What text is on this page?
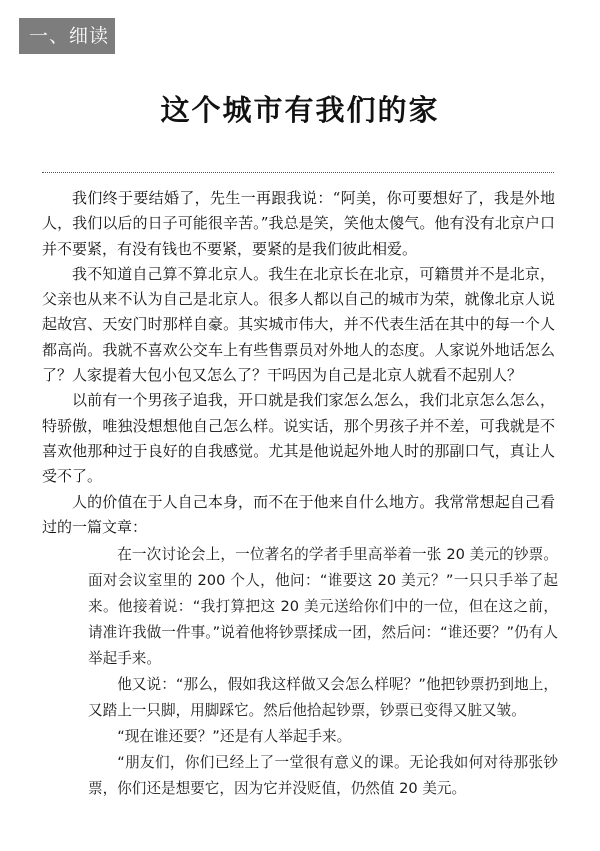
一、细读
这个城市有我们的家

我们终于要结婚了，先生一再跟我说：“阿美，你可要想好了，我是外地人，我们以后的日子可能很辛苦。”我总是笑，笑他太傻气。他有没有北京户口并不要紧，有没有钱也不要紧，要紧的是我们彼此相爱。

我不知道自己算不算北京人。我生在北京长在北京，可籍贯并不是北京，父亲也从来不认为自己是北京人。很多人都以自己的城市为荣，就像北京人说起故宫、天安门时那样自豪。其实城市伟大，并不代表生活在其中的每一个人都高尚。我就不喜欢公交车上有些售票员对外地人的态度。人家说外地话怎么了？人家提着大包小包又怎么了？干吗因为自己是北京人就看不起别人？

以前有一个男孩子追我，开口就是我们家怎么怎么，我们北京怎么怎么，特骄傲，唯独没想想他自己怎么样。说实话，那个男孩子并不差，可我就是不喜欢他那种过于良好的自我感觉。尤其是他说起外地人时的那副口气，真让人受不了。

人的价值在于人自己本身，而不在于他来自什么地方。我常常想起自己看过的一篇文章：

在一次讨论会上，一位著名的学者手里高举着一张 20 美元的钞票。面对会议室里的 200 个人，他问：“谁要这 20 美元？”一只只手举了起来。他接着说：“我打算把这 20 美元送给你们中的一位，但在这之前，请准许我做一件事。”说着他将钞票揉成一团，然后问：“谁还要？”仍有人举起手来。

他又说：“那么，假如我这样做又会怎么样呢？”他把钞票扔到地上，又踏上一只脚，用脚踩它。然后他拾起钞票，钞票已变得又脏又皱。

“现在谁还要？”还是有人举起手来。

“朋友们，你们已经上了一堂很有意义的课。无论我如何对待那张钞票，你们还是想要它，因为它并没贬值，仍然值 20 美元。
